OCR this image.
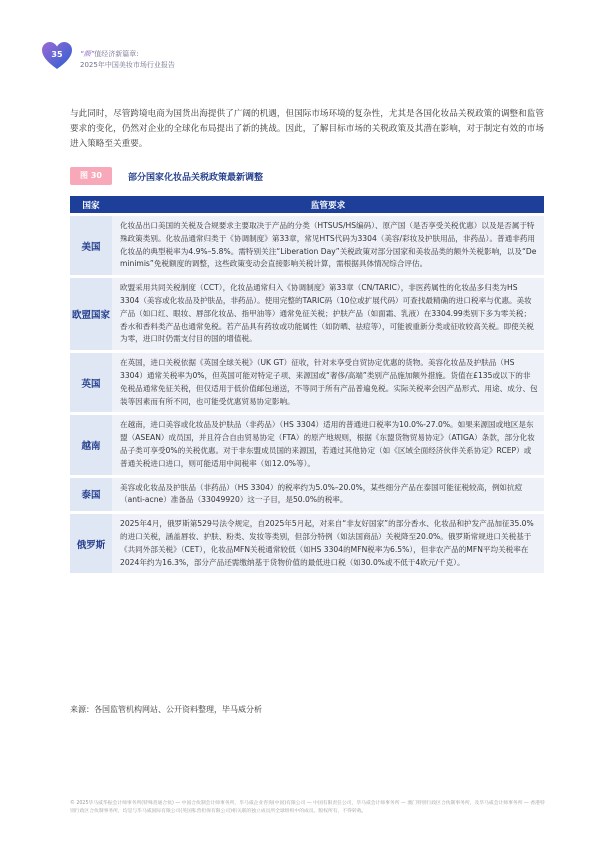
35	“颜”值经济新篇章:
2025年中国美妆市场行业报告
与此同时，尽管跨境电商为国货出海提供了广阔的机遇，但国际市场环境的复杂性，尤其是各国化妆品关税政策的调整和监管要求的变化，仍然对企业的全球化布局提出了新的挑战。因此，了解目标市场的关税政策及其潜在影响，对于制定有效的市场进入策略至关重要。
图 30	部分国家化妆品关税政策最新调整
国家	监管要求
美国	化妆品出口美国的关税及合规要求主要取决于产品的分类（HTSUS/HS编码）、原产国（是否享受关税优惠）以及是否属于特殊政策类别。化妆品通常归类于《协调制度》第33章，常见HTS代码为3304（美容/彩妆及护肤用品，非药品）。普通非药用化妆品的典型税率为4.9%–5.8%。需特别关注“Liberation Day”关税政策对部分国家和美妆品类的额外关税影响，以及“De minimis”免税额度的调整，这些政策变动会直接影响关税计算，需根据具体情况综合评估。
欧盟国家	欧盟采用共同关税制度（CCT），化妆品通常归入《协调制度》第33章（CN/TARIC），非医药属性的化妆品多归类为HS 3304（美容或化妆品及护肤品，非药品）。使用完整的TARIC码（10位或扩展代码）可查找最精确的进口税率与优惠。美妆产品（如口红、眼妆、唇部化妆品、指甲油等）通常免征关税；护肤产品（如面霜、乳液）在3304.99类别下多为零关税；香水和香料类产品也通常免税。若产品具有药妆或功能属性（如防晒、祛痘等），可能被重新分类或征收较高关税。即使关税为零，进口时仍需支付目的国的增值税。
英国	在英国，进口关税依据《英国全球关税》（UK GT）征收，针对未享受自贸协定优惠的货物。美容化妆品及护肤品（HS 3304）通常关税率为0%，但英国可能对特定子项、来源国或“奢侈/高端”类别产品施加额外措施。货值在£135或以下的非免税品通常免征关税，但仅适用于低价值邮包递送，不等同于所有产品普遍免税。实际关税率会因产品形式、用途、成分、包装等因素而有所不同，也可能受优惠贸易协定影响。
越南	在越南，进口美容或化妆品及护肤品（非药品）（HS 3304）适用的普通进口税率为10.0%-27.0%。如果来源国或地区是东盟（ASEAN）成员国，并且符合自由贸易协定（FTA）的原产地规则，根据《东盟货物贸易协定》（ATIGA）条款，部分化妆品子类可享受0%的关税优惠。对于非东盟成员国的来源国，若通过其他协定（如《区域全面经济伙伴关系协定》RCEP）或普通关税进口进口，则可能适用中间税率（如12.0%等）。
泰国	美容或化妆品及护肤品（非药品）（HS 3304）的税率约为5.0%–20.0%，某些细分产品在泰国可能征税较高，例如抗痘（anti-acne）准备品（33049920）这一子目，是50.0%的税率。
俄罗斯	2025年4月，俄罗斯第529号法令规定，自2025年5月起，对来自“非友好国家”的部分香水、化妆品和护发产品加征35.0%的进口关税，涵盖唇妆、护肤、粉类、发妆等类别，但部分特例（如法国商品）关税降至20.0%。俄罗斯常规进口关税基于《共同外部关税》（CET），化妆品MFN关税通常较低（如HS 3304的MFN税率为6.5%），但非农产品的MFN平均关税率在2024年约为16.3%，部分产品还需缴纳基于货物价值的最低进口税（如30.0%或不低于4欧元/千克）。
来源：各国监管机构网站、公开资料整理，毕马威分析
© 2025毕马威华振会计师事务所(特殊普通合伙) — 中国合伙制会计师事务所，毕马威企业咨询(中国)有限公司 — 中国有限责任公司，毕马威会计师事务所 — 澳门特别行政区合伙制事务所，及毕马威会计师事务所 — 香港特别行政区合伙制事务所，均是与毕马威国际有限公司(英国私营担保有限公司)相关联的独立成员所全球组织中的成员。版权所有，不得转载。
